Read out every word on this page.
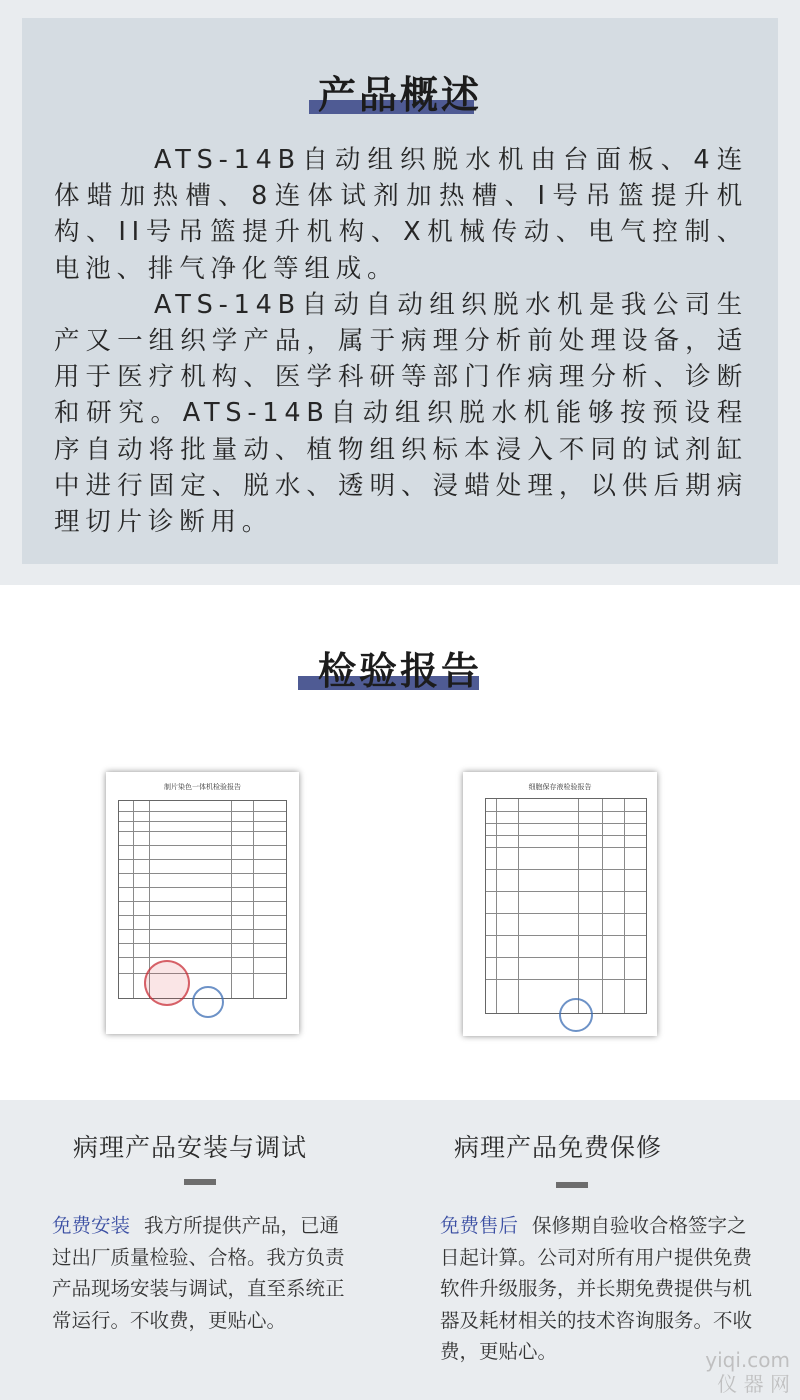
产品概述

ATS-14B自动组织脱水机由台面板、4连体蜡加热槽、8连体试剂加热槽、I号吊篮提升机构、II号吊篮提升机构、X机械传动、电气控制、电池、排气净化等组成。

ATS-14B自动自动组织脱水机是我公司生产又一组织学产品，属于病理分析前处理设备，适用于医疗机构、医学科研等部门作病理分析、诊断和研究。ATS-14B自动组织脱水机能够按预设程序自动将批量动、植物组织标本浸入不同的试剂缸中进行固定、脱水、透明、浸蜡处理，以供后期病理切片诊断用。

检验报告
制片染色一体机检验报告	细胞保存液检验报告
病理产品安装与调试

免费安装 我方所提供产品，已通过出厂质量检验、合格。我方负责产品现场安装与调试，直至系统正常运行。不收费，更贴心。

病理产品免费保修

免费售后 保修期自验收合格签字之日起计算。公司对所有用户提供免费软件升级服务，并长期免费提供与机器及耗材相关的技术咨询服务。不收费，更贴心。	yiqi.com
仪 器 网
